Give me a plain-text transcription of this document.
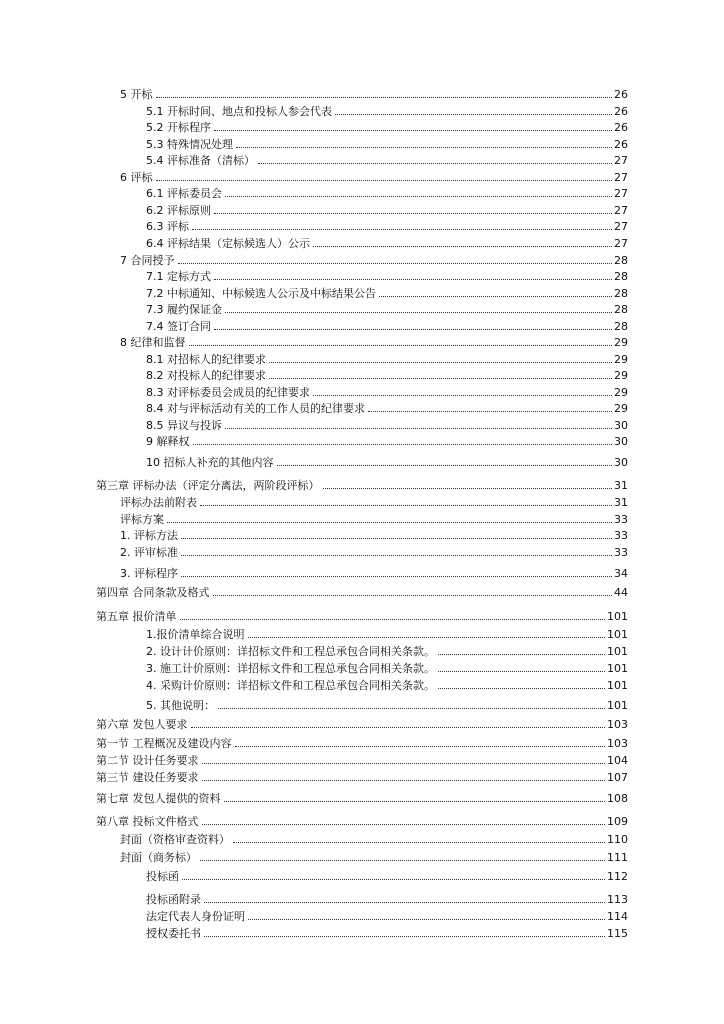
5 开标	26
5.1 开标时间、地点和投标人参会代表	26
5.2 开标程序	26
5.3 特殊情况处理	26
5.4 评标准备（清标）	27
6 评标	27
6.1 评标委员会	27
6.2 评标原则	27
6.3 评标	27
6.4 评标结果（定标候选人）公示	27
7 合同授予	28
7.1 定标方式	28
7.2 中标通知、中标候选人公示及中标结果公告	28
7.3 履约保证金	28
7.4 签订合同	28
8 纪律和监督	29
8.1 对招标人的纪律要求	29
8.2 对投标人的纪律要求	29
8.3 对评标委员会成员的纪律要求	29
8.4 对与评标活动有关的工作人员的纪律要求	29
8.5 异议与投诉	30
9 解释权	30
10 招标人补充的其他内容	30
第三章 评标办法（评定分离法，两阶段评标）	31
评标办法前附表	31
评标方案	33
1. 评标方法	33
2. 评审标准	33
3. 评标程序	34
第四章 合同条款及格式	44
第五章 报价清单	101
1.报价清单综合说明	101
2. 设计计价原则：详招标文件和工程总承包合同相关条款。	101
3. 施工计价原则：详招标文件和工程总承包合同相关条款。	101
4. 采购计价原则：详招标文件和工程总承包合同相关条款。	101
5. 其他说明：	101
第六章 发包人要求	103
第一节 工程概况及建设内容	103
第二节 设计任务要求	104
第三节 建设任务要求	107
第七章 发包人提供的资料	108
第八章 投标文件格式	109
封面（资格审查资料）	110
封面（商务标）	111
投标函	112
投标函附录	113
法定代表人身份证明	114
授权委托书	115
